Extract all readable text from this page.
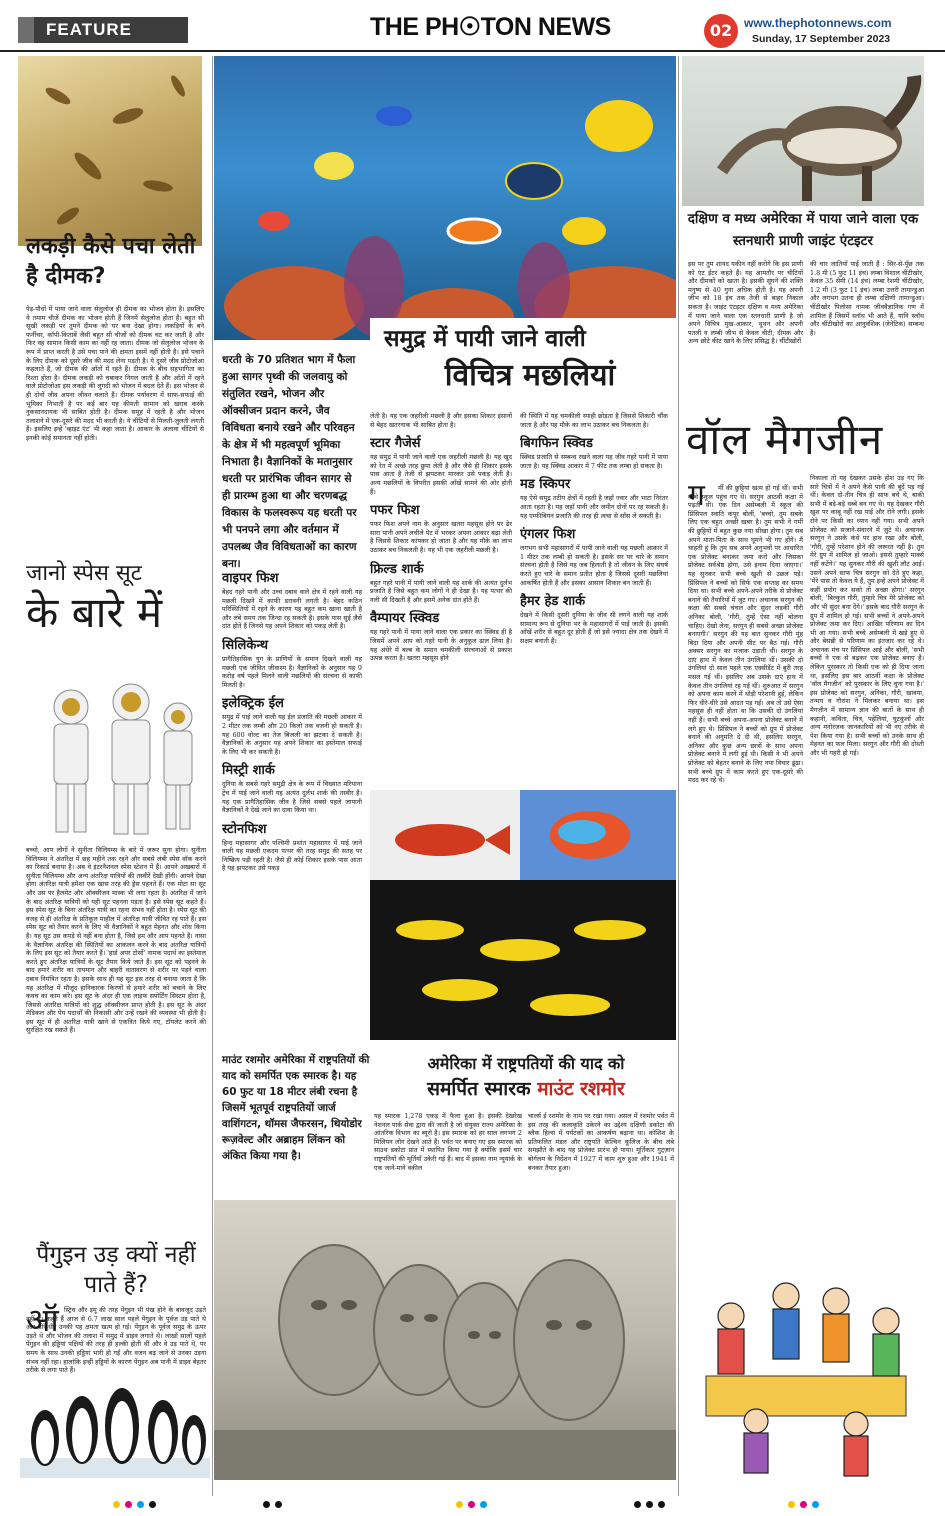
FEATURE	THE PH☉TON NEWS	02 www.thephotonnews.com
Sunday, 17 September 2023
लकड़ी कैसे पचा लेती है दीमक?
पेड़-पौधों में पाया जाने वाला सेलुलोज ही दीमक का भोजन होता है। इसलिए ये तमाम चीजें दीमक का भोजन होती हैं जिनमें सेलुलोज होता है। बहुत सी सूखी लकड़ी पर तुमने दीमक को घर बना देखा होगा। लकड़ियों के बने फर्नीचर, कॉपी-किताबें जैसी बहुत सी चीजों को दीमक चट कर जाती है और फिर वह सामान किसी काम का नहीं रह जाता। दीमक जो सेलुलोज भोजन के रूप में प्राप्त करती है उसे पचा पाने की क्षमता इसमें नहीं होती है। इसे पचाने के लिए दीमक को दूसरे जीव की मदद लेना पड़ती है। ये दूसरे जीव प्रोटोजोआ कहलाते हैं, जो दीमक की आँतों में रहते हैं। दीमक के बीच सहभागिता का रिश्ता होता है। दीमक लकड़ी को चबाकर निगल जाती है और आँतों में रहने वाले प्रोटोजोआ इस लकड़ी की लुगदी को भोजन में बदल देते हैं। इस भोजन से ही दोनों जीव अपना जीवन चलाते हैं। दीमक पर्यावरण में साफ-सफाई की भूमिका निभाती है पर कई बार यह कीमती सामान को खराब करके नुकसानदायक भी साबित होती है। दीमक समूह में रहती है और भोजन तलाशने में एक-दूसरे की मदद भी करती है। ये चींटियों से मिलती-जुलती लगती हैं। इसलिए इन्हें 'व्हाइट एंट' भी कहा जाता है। आकार के अलावा चींटियों से इनकी कोई समानता नहीं होती।
जानो स्पेस सूट
के बारे में
बच्चो, आप लोगों ने सुनीता विलियम्स के बारे में जरूर सुना होगा। सुनीता विलियम्स ने अंतरिक्ष में छह महीने तक रहने और सबसे लंबी स्पेस वॉक करने का रिकार्ड बनाया है। अब वे इंटरनैशनल स्पेस स्टेशन में हैं। आपने अखबारों में सुनीता विलियम्स और अन्य अंतरिक्ष यात्रियों की तस्वीरें देखी होंगी। आपने देखा होगा अंतरिक्ष यात्री हमेशा एक खास तरह की ड्रेस पहनते हैं। एक मोटा सा सूट और उस पर हैलमेट और ऑक्सीजन मास्क भी लगा रहता है। अंतरिक्ष में जाने के बाद अंतरिक्ष यात्रियों को यही सूट पहनना पड़ता है। इसे स्पेस सूट कहते हैं। इस स्पेस सूट के बिना अंतरिक्ष यात्री का रहना संभव नहीं होता है। स्पेस सूट की वजह से ही अंतरिक्ष के प्रतिकूल माहौल में अंतरिक्ष यात्री जीवित रह पाते हैं। इस स्पेस सूट को तैयार करने के लिए भी वैज्ञानिकों ने बहुत मेहनत और शोध किया है। यह सूट उस कपड़े से नहीं बना होता है, जिसे हम और आप पहनते हैं। नासा के वैज्ञानिक अंतरिक्ष की स्थितियों का आकलन करने के बाद अंतरिक्ष यात्रियों के लिए इस सूट को तैयार करते हैं। 'हार्ड अपर टोर्सो' नामक पदार्थ का इस्तेमाल करते हुए अंतरिक्ष यात्रियों के सूट तैयार किये जाते हैं। इस सूट को पहनने के बाद हमारे शरीर का तापमान और बाहरी वातावरण से शरीर पर पड़ने वाला दबाव नियंत्रित रहता है। इसके साथ ही यह सूट इस तरह से बनाया जाता है कि यह अंतरिक्ष में मौजूद हानिकारक किरणों से हमारे शरीर को बचाने के लिए कवच का काम करे। इस सूट के अंदर ही एक लाइफ सपोर्टिंग सिस्टम होता है, जिससे अंतरिक्ष यात्रियों को शुद्ध ऑक्सीजन प्राप्त होती है। इस सूट के अंदर मेडिकल और पेय पदार्थों की निकासी और उन्हें रखने की व्यवस्था भी होती है। इस सूट में ही अंतरिक्ष यात्री खाने से एकत्रित किये गए, टॉयलेट करने की सुरक्षित रख सकते हैं।
पैंगुइन उड़ क्यों नहीं पाते हैं?
ऑ स्ट्रिच और इमू की तरह पेंगुइन भी पंख होने के बावजूद उड़ते नहीं हैं। कहते हैं आज से 6.7 लाख साल पहले पेंगुइन के पूर्वज उड़ पाते थे और धीरे-धीरे उनकी यह क्षमता खत्म हो गई। पेंगुइन के पूर्वज समुद्र के ऊपर उड़ते थे और भोजन की तलाश में समुद्र में डाइव लगाते थे। लाखों सालों पहले पेंगुइन की हड्डियां पक्षियों की तरह ही हल्की होती थीं और वे उड़ पाते थे, पर समय के साथ उनकी हड्डियां भारी हो गईं और वजन बढ़ जाने से उनका उड़ना संभव नहीं रहा। हालांकि इन्हीं हड्डियों के कारण पेंगुइन अब पानी में डाइव बेहतर तरीके से लगा पाते हैं।
समुद्र में पायी जाने वाली
विचित्र मछलियां
धरती के 70 प्रतिशत भाग में फैला हुआ सागर पृथ्वी की जलवायु को संतुलित रखने, भोजन और ऑक्सीजन प्रदान करने, जैव विविधता बनाये रखने और परिवहन के क्षेत्र में भी महत्वपूर्ण भूमिका निभाता है। वैज्ञानिकों के मतानुसार धरती पर प्रारंभिक जीवन सागर से ही प्रारम्भ हुआ था और चरणबद्ध विकास के फलस्वरूप यह धरती पर भी पनपने लगा और वर्तमान में उपलब्ध जैव विविधताओं का कारण बना।
वाइपर फिश
बेहद गहरे पानी और उच्च दबाव वाले क्षेत्र में रहने वाली यह मछली दिखने में काफी डरावनी लगती है। बेहद कठिन परिस्थितियों में रहने के कारण यह बहुत कम खाना खाती है और लंबे समय तक जिन्दा रह सकती है। इसके पास सुई जैसे दांत होते हैं जिनसे यह अपने शिकार को पकड़ लेती है।
सिलिकेन्थ
प्रागैतिहासिक युग के प्राणियों के समान दिखने वाली यह मछली एक जीवित जीवाश्म है। वैज्ञानिकों के अनुसार यह 9 करोड़ वर्ष पहले मिलने वाली मछलियों की संरचना से काफी मिलती है।
इलेक्ट्रिक ईल
समुद्र में पाई जाने वाली यह ईल प्रजाति की मछली आकार में 2 मीटर तक लम्बी और 20 किलो तक वजनी हो सकती है। यह 600 वोल्ट का तेज बिजली का झटका दे सकती है। वैज्ञानिकों के अनुसार यह अपने शिकार का इस्तेमाल सफाई के लिए भी कर सकती है।
मिस्ट्री शार्क
दुनिया के सबसे गहरे समुद्री क्षेत्र के रूप में विख्यात मरियाना ट्रेंच में पाई जाने वाली यह अत्यंत दुर्लभ शार्क की तस्वीर है। यह एक प्रागैतिहासिक जीव है जिसे सबसे पहले जापानी वैज्ञानिकों ने देखे जाने का दावा किया था।
स्टोनफिश
हिन्द महासागर और पश्चिमी प्रशांत महासागर में पाई जाने वाली यह मछली एकदम पत्थर की तरह समुद्र की सतह पर निष्क्रिय पड़ी रहती है। जैसे ही कोई शिकार इसके पास आता है यह झपटकर उसे पकड़
लेती है। यह एक जहरीली मछली है और इसका शिकार इंसानों से बेहद खतरनाक भी साबित होता है।
स्टार गैजेर्स
यह समुद्र में पायी जाने वाली एक जहरीली मछली है। यह खुद को रेत में अच्छे तरह छुपा लेती है और जैसे ही शिकार इसके पास आता है तेजी से झपटकर मारकर उसे पकड़ लेती है। अन्य मछलियों के विपरीत इसकी आँखें सामने की ओर होती हैं।
पफर फिश
पफर फिश अपने नाम के अनुसार खतरा महसूस होने पर ढेर सारा पानी अपने लचीले पेट में भरकर अपना आकार बढ़ा लेती है जिससे शिकार कांपकर हो जाता है और यह मौके का लाभ उठाकर बच निकलती है। यह भी एक जहरीली मछली है।
फ्रिल्ड शार्क
बहुत गहरे पानी में पायी जाने वाली यह शार्क की अत्यंत दुर्लभ प्रजाति है जिसे बहुत कम लोगों ने ही देखा है। यह पत्थर की नली सी दिखती है और इसमें अनेक दांत होते हैं।
वैम्पायर स्क्विड
यह गहरे पानी में पाया जाने वाला एक प्रकार का स्क्विड ही है जिसमें अपने आप को गहरे पानी के अनुकूल ढाल लिया है। यह अंधेरे में बल्ब के समान चमकीली संरचनाओं से प्रकाश उत्पन्न करता है। खतरा महसूस होने
की स्थिति में यह चमकीली स्याही छोड़ता है जिससे शिकारी चौंक जाता है और यह मौके का लाभ उठाकर बच निकलता है।
बिगफिन स्क्विड
स्क्विड प्रजाति से सम्बन्ध रखने वाला यह जीव गहरे पानी में पाया जाता है। यह स्क्विड आकार में 7 फीट तक लम्बा हो सकता है।
मड स्किपर
यह ऐसे समुद्र तटीय क्षेत्रों में रहती है जहाँ ज्वार और भाटा निरंतर आता रहता है। यह जहाँ पानी और जमीन दोनों पर रह सकती है। यह एम्फीबियन प्रजाति की तरह ही त्वचा से साँस ले सकती है।
एंगलर फिश
लगभग सभी महासागरों में पायी जाने वाली यह मछली आकार में 1 मीटर तक लम्बी हो सकती है। इसके सर पर चारे के समान संरचना होती है जिसे यह जब हिलाती है तो जीवन के लिए संघर्ष करते हुए चारे के समान प्रतीत होता है जिससे दूसरी मछलियां आकर्षित होती हैं और इसका आसान शिकार बन जाती हैं।
हैमर हेड शार्क
देखने में किसी दूसरी दुनिया के जीव सी लगने वाली यह शार्क सामान्य रूप से दुनिया भर के महासागरों में पाई जाती है। इसकी आँखें शरीर से बहुत दूर होती हैं जो इसे ज्यादा क्षेत्र तक देखने में सक्षम बनाती हैं।
माउंट रशमोर अमेरिका में राष्ट्रपतियों की याद को समर्पित एक स्मारक है। यह 60 फुट या 18 मीटर लंबी रचना है जिसमें भूतपूर्व राष्ट्रपतियों जार्ज वाशिंगटन, थॉमस जैफरसन, थियोडोर रूज़वेल्ट और अब्राहम लिंकन को अंकित किया गया है।
अमेरिका में राष्ट्रपतियों की याद को
समर्पित स्मारक माउंट रशमोर
यह स्मारक 1,278 एकड़ में फैला हुआ है। इसकी देखरेख नेशनल पार्क सेवा द्वारा की जाती है जो संयुक्त राज्य अमेरिका के आंतरिक विभाग का ब्यूरो है। इस स्मारक को हर साल लगभग 2 मिलियन लोग देखने आते हैं। पर्वत पर बनाए गए इस स्मारक को साउथ डकोटा प्रांत में स्थापित किया गया है क्योंकि इसमें चार राष्ट्रपतियों की मूर्तियाँ उकेरी गई हैं। बाद में इसका नाम न्यूयार्क के एक जाने-माने वकील
चार्ल्स ई रशमोर के नाम पर रखा गया। असल में रशमोर पर्वत में इस तरह की कलाकृति उकेरने का उद्देश्य दक्षिणी डकोटा की ब्लैक हिल्स में पर्यटकों का आकर्षण बढ़ाना था। कोशिश के प्रतिफलित मंडल और राष्ट्रपति केल्विन कूलिज के बीच लंबे समझौते के बाद यह प्रोजेक्ट प्रारंभ हो पाया। मूर्तिकार गुट्ज़ान बोर्गलम के निर्देशन में 1927 में काम शुरु हुआ और 1941 में बनकर तैयार हुआ।
दक्षिण व मध्य अमेरिका में पाया जाने वाला एक स्तनधारी प्राणी जाइंट एंटइटर
इस पर तुम शायद यकीन नहीं करोगे कि इस प्राणी को एंट ईटर कहते हैं। यह आमतौर पर चीटियों और दीमकों को खाता है। इसकी सूंघने की शक्ति मनुष्य से 40 गुना अधिक होती है। यह अपनी जीभ को 18 इंच तक तेजी से बाहर निकाल सकता है। जाइंट एंटइटर दक्षिण व मध्य अमेरिका में पाया जाने वाला एक स्तनधारी प्राणी है जो अपने विचित्र मुख-आकार, थूथन और अपनी पतली व लम्बी जीभ से केवल चीटी, दीमक और अन्य छोटे कीट खाने के लिए प्रसिद्ध है। चींटीखोरों
की चार जातियाँ पाई जाती हैं : सिर-से-पूँछ तक 1.8 मी (5 फुट 11 इंच) लम्बा विशाल चींटीखोर, केवल 35 सेमी (14 इंच) लम्बा रेशमी चींटीखोर, 1.2 मी (3 फुट 11 इंच) लम्बा उत्तरी तामान्डुआ और लगभग उतना ही लम्बा दक्षिणी तामान्डुआ। चींटीखोर पिलोसा नामक जीववैज्ञानिक गण में शामिल हैं जिसमें स्लॉथ भी आते हैं, यानि स्लॉथ और चींटीखोरों का आनुवंशिक (जेनेटिक) सम्बन्ध है।
वॉल मैगजीन
ग	र्मी की छुट्टियां खत्म हो गई थीं। सभी बच्चे स्कूल पहुंच गए थे। सरगुन आठवीं कक्षा में पढ़ती थी। एक दिन असेम्बली में स्कूल की प्रिंसिपल स्वाति कपूर बोलीं, 'बच्चो, तुम सबके लिए एक बहुत अच्छी खबर है। तुम सभी ने गर्मी की छुट्टियों में बहुत कुछ नया सीखा होगा। तुम सब अपने माता-पिता के साथ घूमने भी गए होंगे। मैं चाहती हूं कि तुम सब अपने अनुभवों पर आधारित एक प्रोजेक्ट बनाकर जमा करो और जिसका प्रोजेक्ट सर्वश्रेष्ठ होगा, उसे इनाम दिया जाएगा।' यह सुनकर सभी बच्चे खुशी से उछल पड़े। प्रिंसिपल ने बच्चों को सिर्फ एक सप्ताह का समय दिया था। सभी बच्चे अपने-अपने तरीके से प्रोजेक्ट बनाने की तैयारियों में जुट गए। अचानक सरगुन की कक्षा की सबसे चंचल और सुंदर लड़की गौरी अनिका बोली, 'गौरी, तुम्हें ऐसा नहीं बोलना चाहिए। देखो लेना, सरगुन ही सबसे अच्छा प्रोजेक्ट बनाएगी।' सरगुन की यह बात सुनकर गौरी मुंह बिदा दिया और अपनी सीट पर बैठ गई। गौरी अक्सर सरगुन का मजाक उड़ाती थी। सरगुन के दाएं हाथ में केवल तीन उंगलियां थीं। उसकी दो उंगलियां दो साल पहले एक एक्सीडेंट में बुरी तरह मसल गई थीं। इसलिए अब उसके दाएं हाथ में केवल तीन उंगलियां रह गई थीं। शुरुआत में सरगुन को अपना काम करने में थोड़ी परेशानी हुई, लेकिन फिर धीरे-धीरे उसे आदत पड़ गई। अब तो उसे ऐसा महसूस ही नहीं होता था कि उसकी दो उंगलियां नहीं हैं। सभी बच्चे अपना-अपना प्रोजेक्ट बनाने में लगे हुए थे। प्रिंसिपल ने बच्चों को ग्रुप में प्रोजेक्ट बनाने की अनुमति दे दी थी, इसलिए सरगुन, अनिका और कुछ अन्य छात्रों के साथ अपना प्रोजेक्ट बनाने में लगी हुई थी। किसी ने भी अपने प्रोजेक्ट को बेहतर बनाने के लिए नया विचार ढूंढा। सभी बच्चे ग्रुप में काम करते हुए एक-दूसरे की मदद कर रहे थे।
निकाला तो यह देखकर उसके होश उड़ गए कि सारे चित्रों में ने अपने कैसे पानी की बूंदें पड़ गई थीं। केवल दो-तीन चित्र ही साफ बचे थे, बाकी सभी में बड़े-बड़े धब्बे बन गए थे। यह देखकर गौरी खुश पर काबू नहीं रख पाई और रोने लगी। इसके रोने पर किसी का ध्यान नहीं गया। सभी अपने प्रोजेक्ट को सजाने-संवारने में जुटे थे। अचानक सरगुन ने उसके कंधे पर हाथ रखा और बोली, 'गौरी, तुम्हें परेशान होने की जरूरत नहीं है। तुम मेरे ग्रुप में शामिल हो जाओ। इससे तुम्हारे मार्क्स नहीं कटेंगे।' यह सुनकर गौरी की खुशी लौट आई। उसने अपने साफ चित्र सरगुन को देते हुए कहा, 'मेरे पास तो केवल ये हैं, तुम इन्हें अपने प्रोजेक्ट में कहीं प्रयोग कर सको तो अच्छा होगा।' सरगुन बोली, 'बिल्कुल गौरी, तुम्हारे चित्र मेरे प्रोजेक्ट को और भी सुंदर बना देंगे।' इसके बाद गौरी सरगुन के ग्रुप में शामिल हो गई। सभी बच्चों ने अपने-अपने प्रोजेक्ट जमा कर दिए। आखिर परिणाम का दिन भी आ गया। सभी बच्चे असेम्बली में खड़े हुए थे और बेसब्री से परिणाम का इंतजार कर रहे थे। अचानक मंच पर प्रिंसिपल आईं और बोलीं, 'सभी बच्चों ने एक से बढ़कर एक प्रोजेक्ट बनाए हैं। लेकिन पुरस्कार तो किसी एक को ही दिया जाना था, इसलिए इस बार आठवीं कक्षा के प्रोजेक्ट 'वॉल मैगजीन' को पुरस्कार के लिए चुना गया है।' इस प्रोजेक्ट को सरगुन, अनिका, गौरी, खावया, तन्मय व गौरांश ने मिलकर बनाया था। इस मैगजीन में सामान्य ज्ञान की बातों के साथ ही कहानी, कविता, चित्र, पहेलियां, चुटकुलों और अन्य मनोरंजक जानकारियों को भी नए तरीके से पेश किया गया है। सभी बच्चों को उनके साथ ही मेहनत का फल मिला। सरगुन और गौरी की दोस्ती और भी गहरी हो गई।
